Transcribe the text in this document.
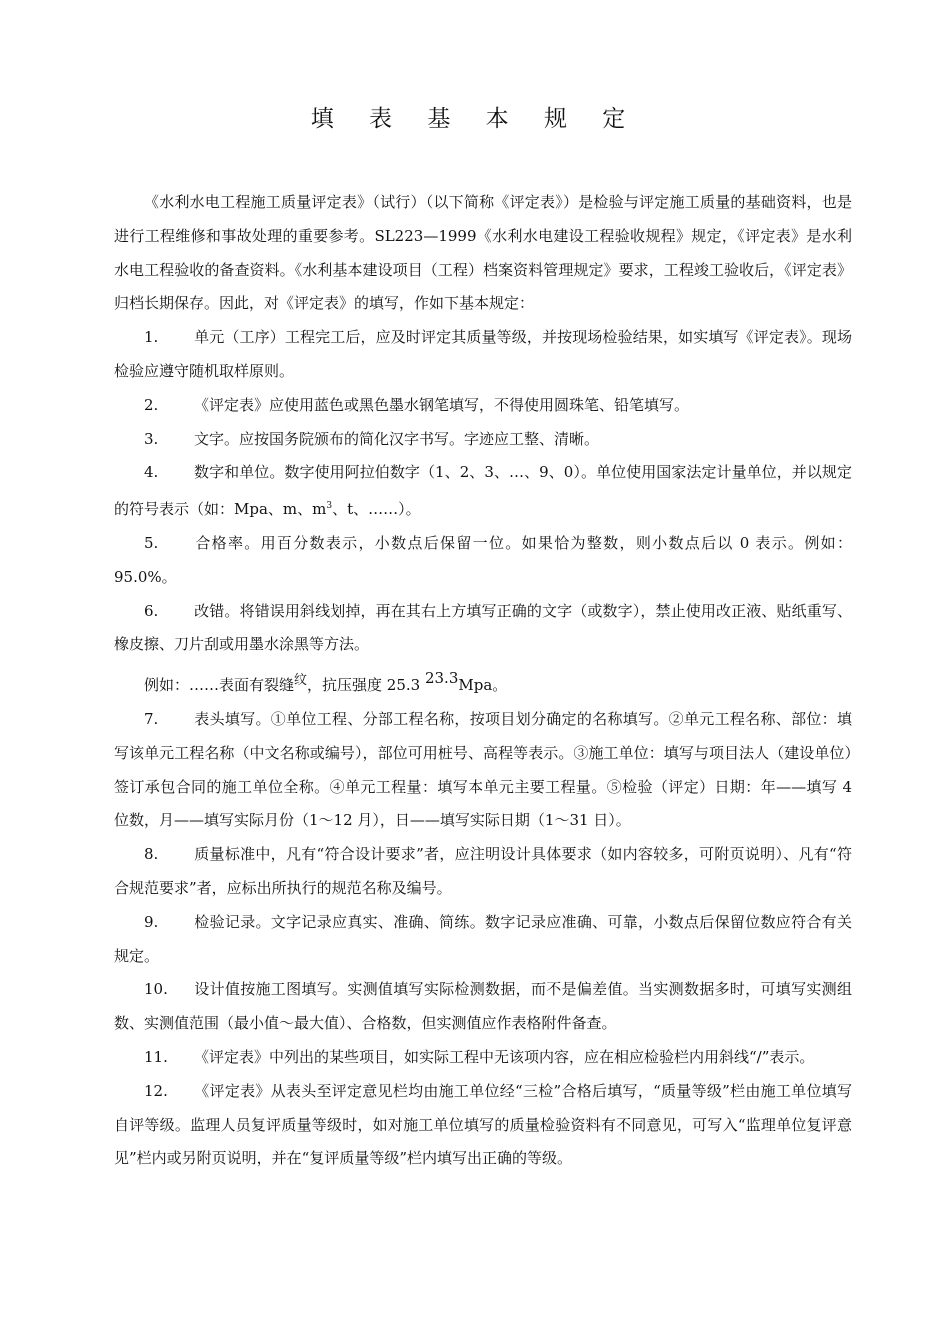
填 表 基 本 规 定

《水利水电工程施工质量评定表》（试行）（以下简称《评定表》）是检验与评定施工质量的基础资料，也是进行工程维修和事故处理的重要参考。SL223—1999《水利水电建设工程验收规程》规定，《评定表》是水利水电工程验收的备查资料。《水利基本建设项目（工程）档案资料管理规定》要求，工程竣工验收后，《评定表》归档长期保存。因此，对《评定表》的填写，作如下基本规定：

1. 单元（工序）工程完工后，应及时评定其质量等级，并按现场检验结果，如实填写《评定表》。现场检验应遵守随机取样原则。

2. 《评定表》应使用蓝色或黑色墨水钢笔填写，不得使用圆珠笔、铅笔填写。

3. 文字。应按国务院颁布的简化汉字书写。字迹应工整、清晰。

4. 数字和单位。数字使用阿拉伯数字（1、2、3、…、9、0）。单位使用国家法定计量单位，并以规定的符号表示（如：Mpa、m、$m^3$、t、……）。

5. 合格率。用百分数表示，小数点后保留一位。如果恰为整数，则小数点后以 0 表示。例如：95.0%。

6. 改错。将错误用斜线划掉，再在其右上方填写正确的文字（或数字），禁止使用改正液、贴纸重写、橡皮擦、刀片刮或用墨水涂黑等方法。

例如：……表面有裂缝纹，抗压强度 25.3 23.3Mpa。

7. 表头填写。①单位工程、分部工程名称，按项目划分确定的名称填写。②单元工程名称、部位：填写该单元工程名称（中文名称或编号），部位可用桩号、高程等表示。③施工单位：填写与项目法人（建设单位）签订承包合同的施工单位全称。④单元工程量：填写本单元主要工程量。⑤检验（评定）日期：年——填写 4 位数，月——填写实际月份（1～12 月），日——填写实际日期（1～31 日）。

8. 质量标准中，凡有“符合设计要求”者，应注明设计具体要求（如内容较多，可附页说明）、凡有“符合规范要求”者，应标出所执行的规范名称及编号。

9. 检验记录。文字记录应真实、准确、简练。数字记录应准确、可靠，小数点后保留位数应符合有关规定。

10. 设计值按施工图填写。实测值填写实际检测数据，而不是偏差值。当实测数据多时，可填写实测组数、实测值范围（最小值～最大值）、合格数，但实测值应作表格附件备查。

11. 《评定表》中列出的某些项目，如实际工程中无该项内容，应在相应检验栏内用斜线“/”表示。

12. 《评定表》从表头至评定意见栏均由施工单位经“三检”合格后填写，“质量等级”栏由施工单位填写自评等级。监理人员复评质量等级时，如对施工单位填写的质量检验资料有不同意见，可写入“监理单位复评意见”栏内或另附页说明，并在“复评质量等级”栏内填写出正确的等级。
